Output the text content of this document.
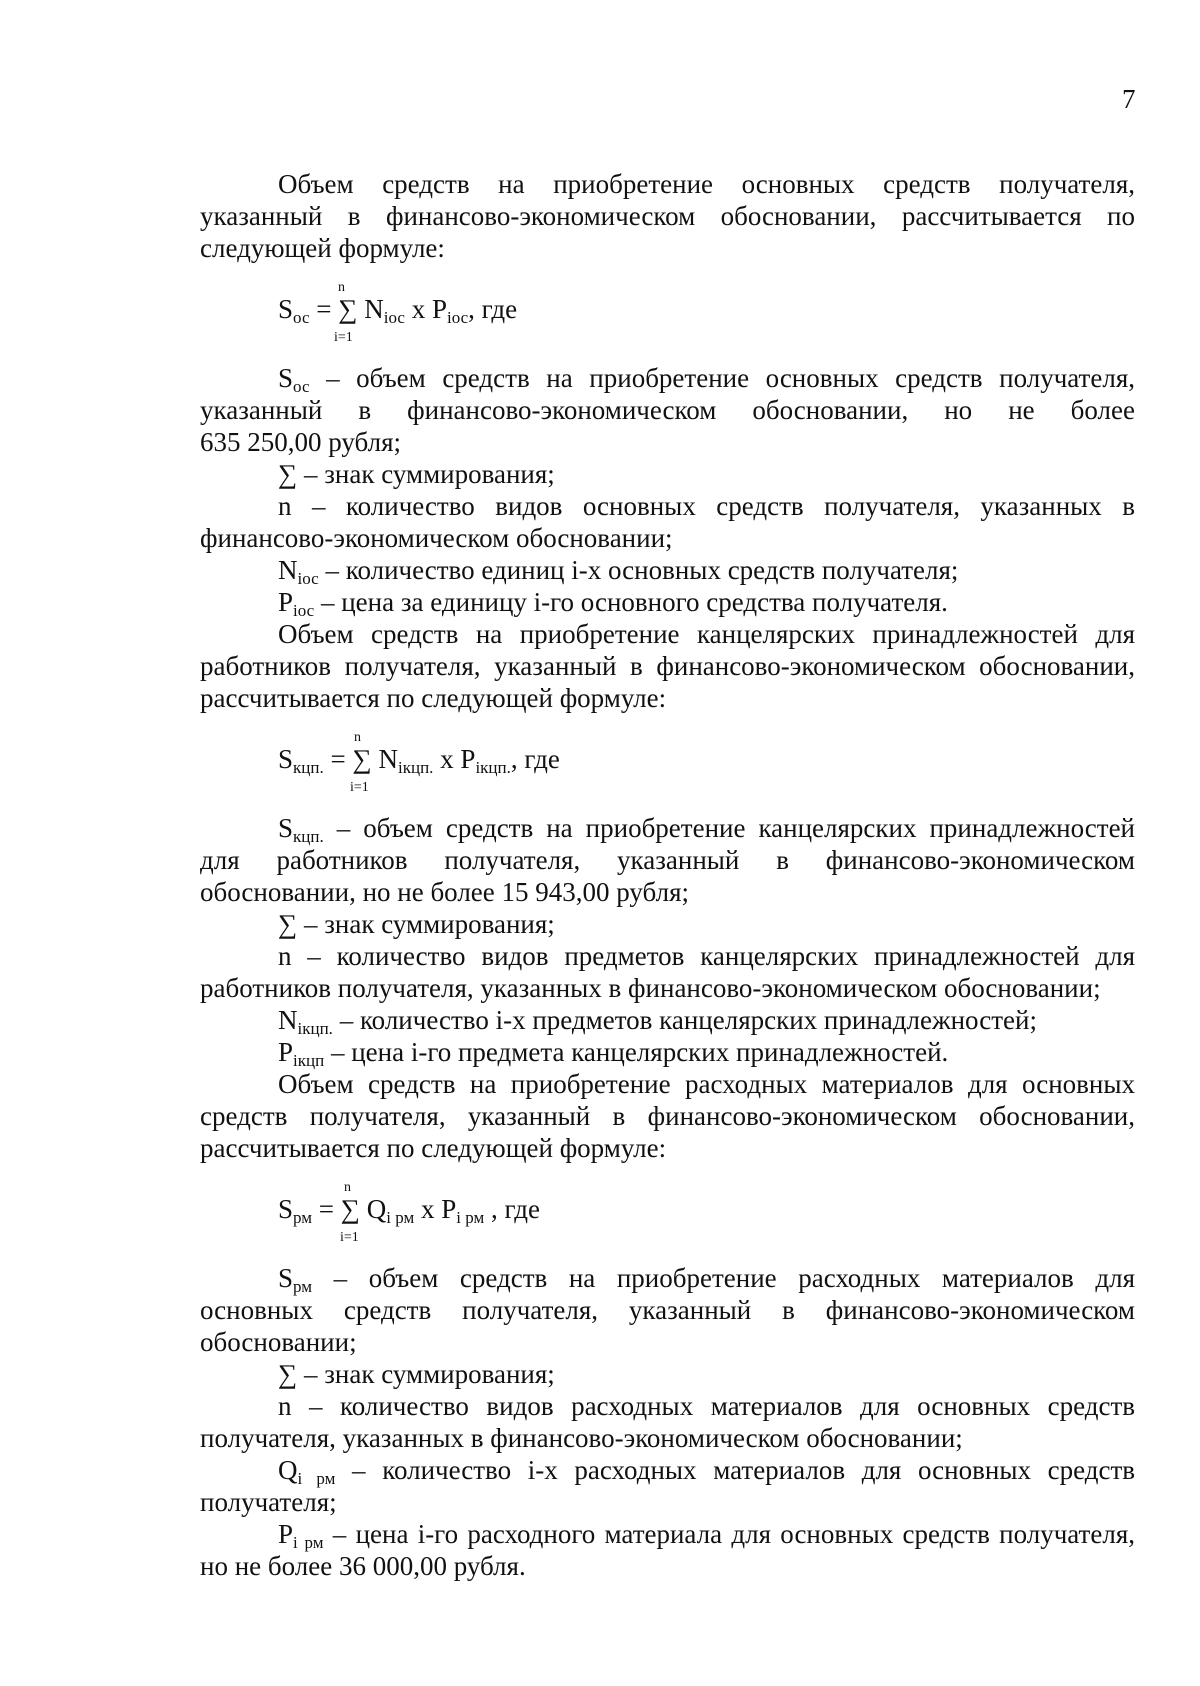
7
Объем средств на приобретение основных средств получателя,
указанный в финансово-экономическом обосновании, рассчитывается по
следующей формуле:
n
$S_{ос}$ = ∑ $N_{iос}$ x $P_{iос}$, где
i=1
$S_{ос}$ – объем средств на приобретение основных средств получателя,
указанный в финансово-экономическом обосновании, но не более
635 250,00 рубля;
∑ – знак суммирования;
n – количество видов основных средств получателя, указанных в
финансово-экономическом обосновании;
$N_{iос}$ – количество единиц i-х основных средств получателя;
$P_{iос}$ – цена за единицу i-го основного средства получателя.
Объем средств на приобретение канцелярских принадлежностей для
работников получателя, указанный в финансово-экономическом обосновании,
рассчитывается по следующей формуле:
n
$S_{кцп.}$ = ∑ $N_{iкцп.}$ x $P_{iкцп.}$, где
i=1
$S_{кцп.}$ – объем средств на приобретение канцелярских принадлежностей
для работников получателя, указанный в финансово-экономическом
обосновании, но не более 15 943,00 рубля;
∑ – знак суммирования;
n – количество видов предметов канцелярских принадлежностей для
работников получателя, указанных в финансово-экономическом обосновании;
$N_{iкцп.}$ – количество i-х предметов канцелярских принадлежностей;
$P_{iкцп}$ – цена i-го предмета канцелярских принадлежностей.
Объем средств на приобретение расходных материалов для основных
средств получателя, указанный в финансово-экономическом обосновании,
рассчитывается по следующей формуле:
n
$S_{рм}$ = ∑ $Q_{i рм}$ x $P_{i рм}$ , где
i=1
$S_{рм}$ – объем средств на приобретение расходных материалов для
основных средств получателя, указанный в финансово-экономическом
обосновании;
∑ – знак суммирования;
n – количество видов расходных материалов для основных средств
получателя, указанных в финансово-экономическом обосновании;
$Q_{i рм}$ – количество i-х расходных материалов для основных средств
получателя;
$P_{i рм}$ – цена i-го расходного материала для основных средств получателя,
но не более 36 000,00 рубля.
